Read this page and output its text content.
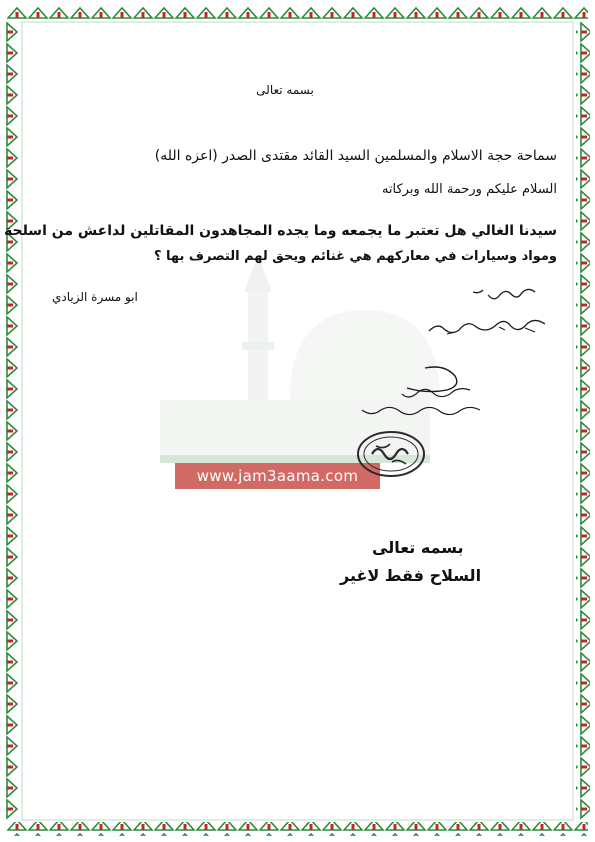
www.jam3aama.com
بسمه تعالى
سماحة حجة الاسلام والمسلمين السيد القائد مقتدى الصدر (اعزه الله)
السلام عليكم ورحمة الله وبركاته
سيدنا الغالي هل تعتبر ما يجمعه وما يجده المجاهدون المقاتلين لداعش من اسلحة
ومواد وسيارات في معاركهم هي غنائم ويحق لهم التصرف بها ؟
ابو مسرة الزيادي
بسمه تعالى
السلاح فقط لاغير
